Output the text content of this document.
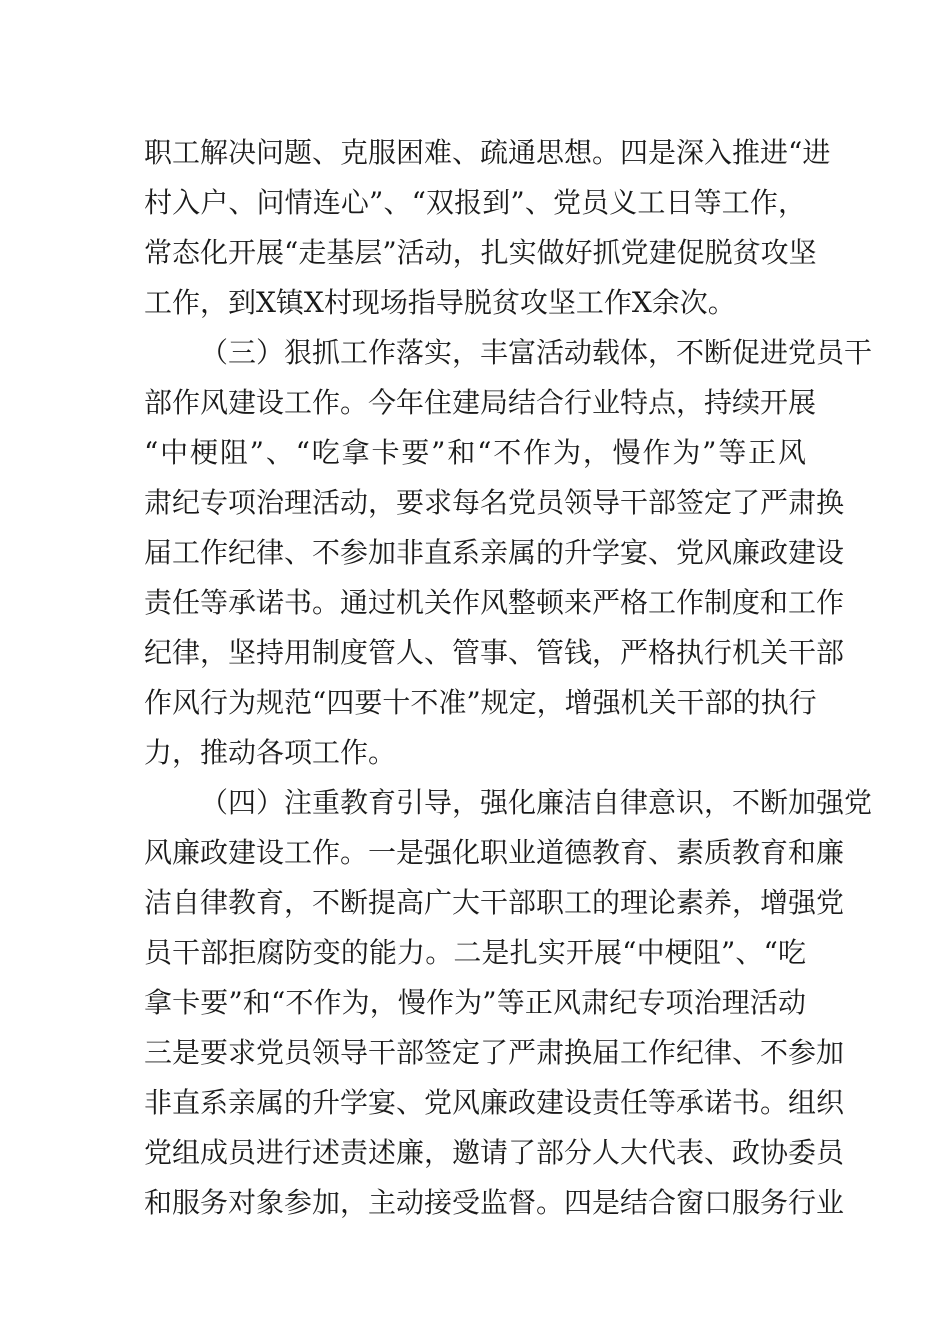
职工解决问题、克服困难、疏通思想。四是深入推进“进
村入户、问情连心”、“双报到”、党员义工日等工作，
常态化开展“走基层”活动，扎实做好抓党建促脱贫攻坚
工作，到X镇X村现场指导脱贫攻坚工作X余次。
（三）狠抓工作落实，丰富活动载体，不断促进党员干
部作风建设工作。今年住建局结合行业特点，持续开展
“中梗阻”、“吃拿卡要”和“不作为，慢作为”等正风
肃纪专项治理活动，要求每名党员领导干部签定了严肃换
届工作纪律、不参加非直系亲属的升学宴、党风廉政建设
责任等承诺书。通过机关作风整顿来严格工作制度和工作
纪律，坚持用制度管人、管事、管钱，严格执行机关干部
作风行为规范“四要十不准”规定，增强机关干部的执行
力，推动各项工作。
（四）注重教育引导，强化廉洁自律意识，不断加强党
风廉政建设工作。一是强化职业道德教育、素质教育和廉
洁自律教育，不断提高广大干部职工的理论素养，增强党
员干部拒腐防变的能力。二是扎实开展“中梗阻”、“吃
拿卡要”和“不作为，慢作为”等正风肃纪专项治理活动
三是要求党员领导干部签定了严肃换届工作纪律、不参加
非直系亲属的升学宴、党风廉政建设责任等承诺书。组织
党组成员进行述责述廉，邀请了部分人大代表、政协委员
和服务对象参加，主动接受监督。四是结合窗口服务行业
